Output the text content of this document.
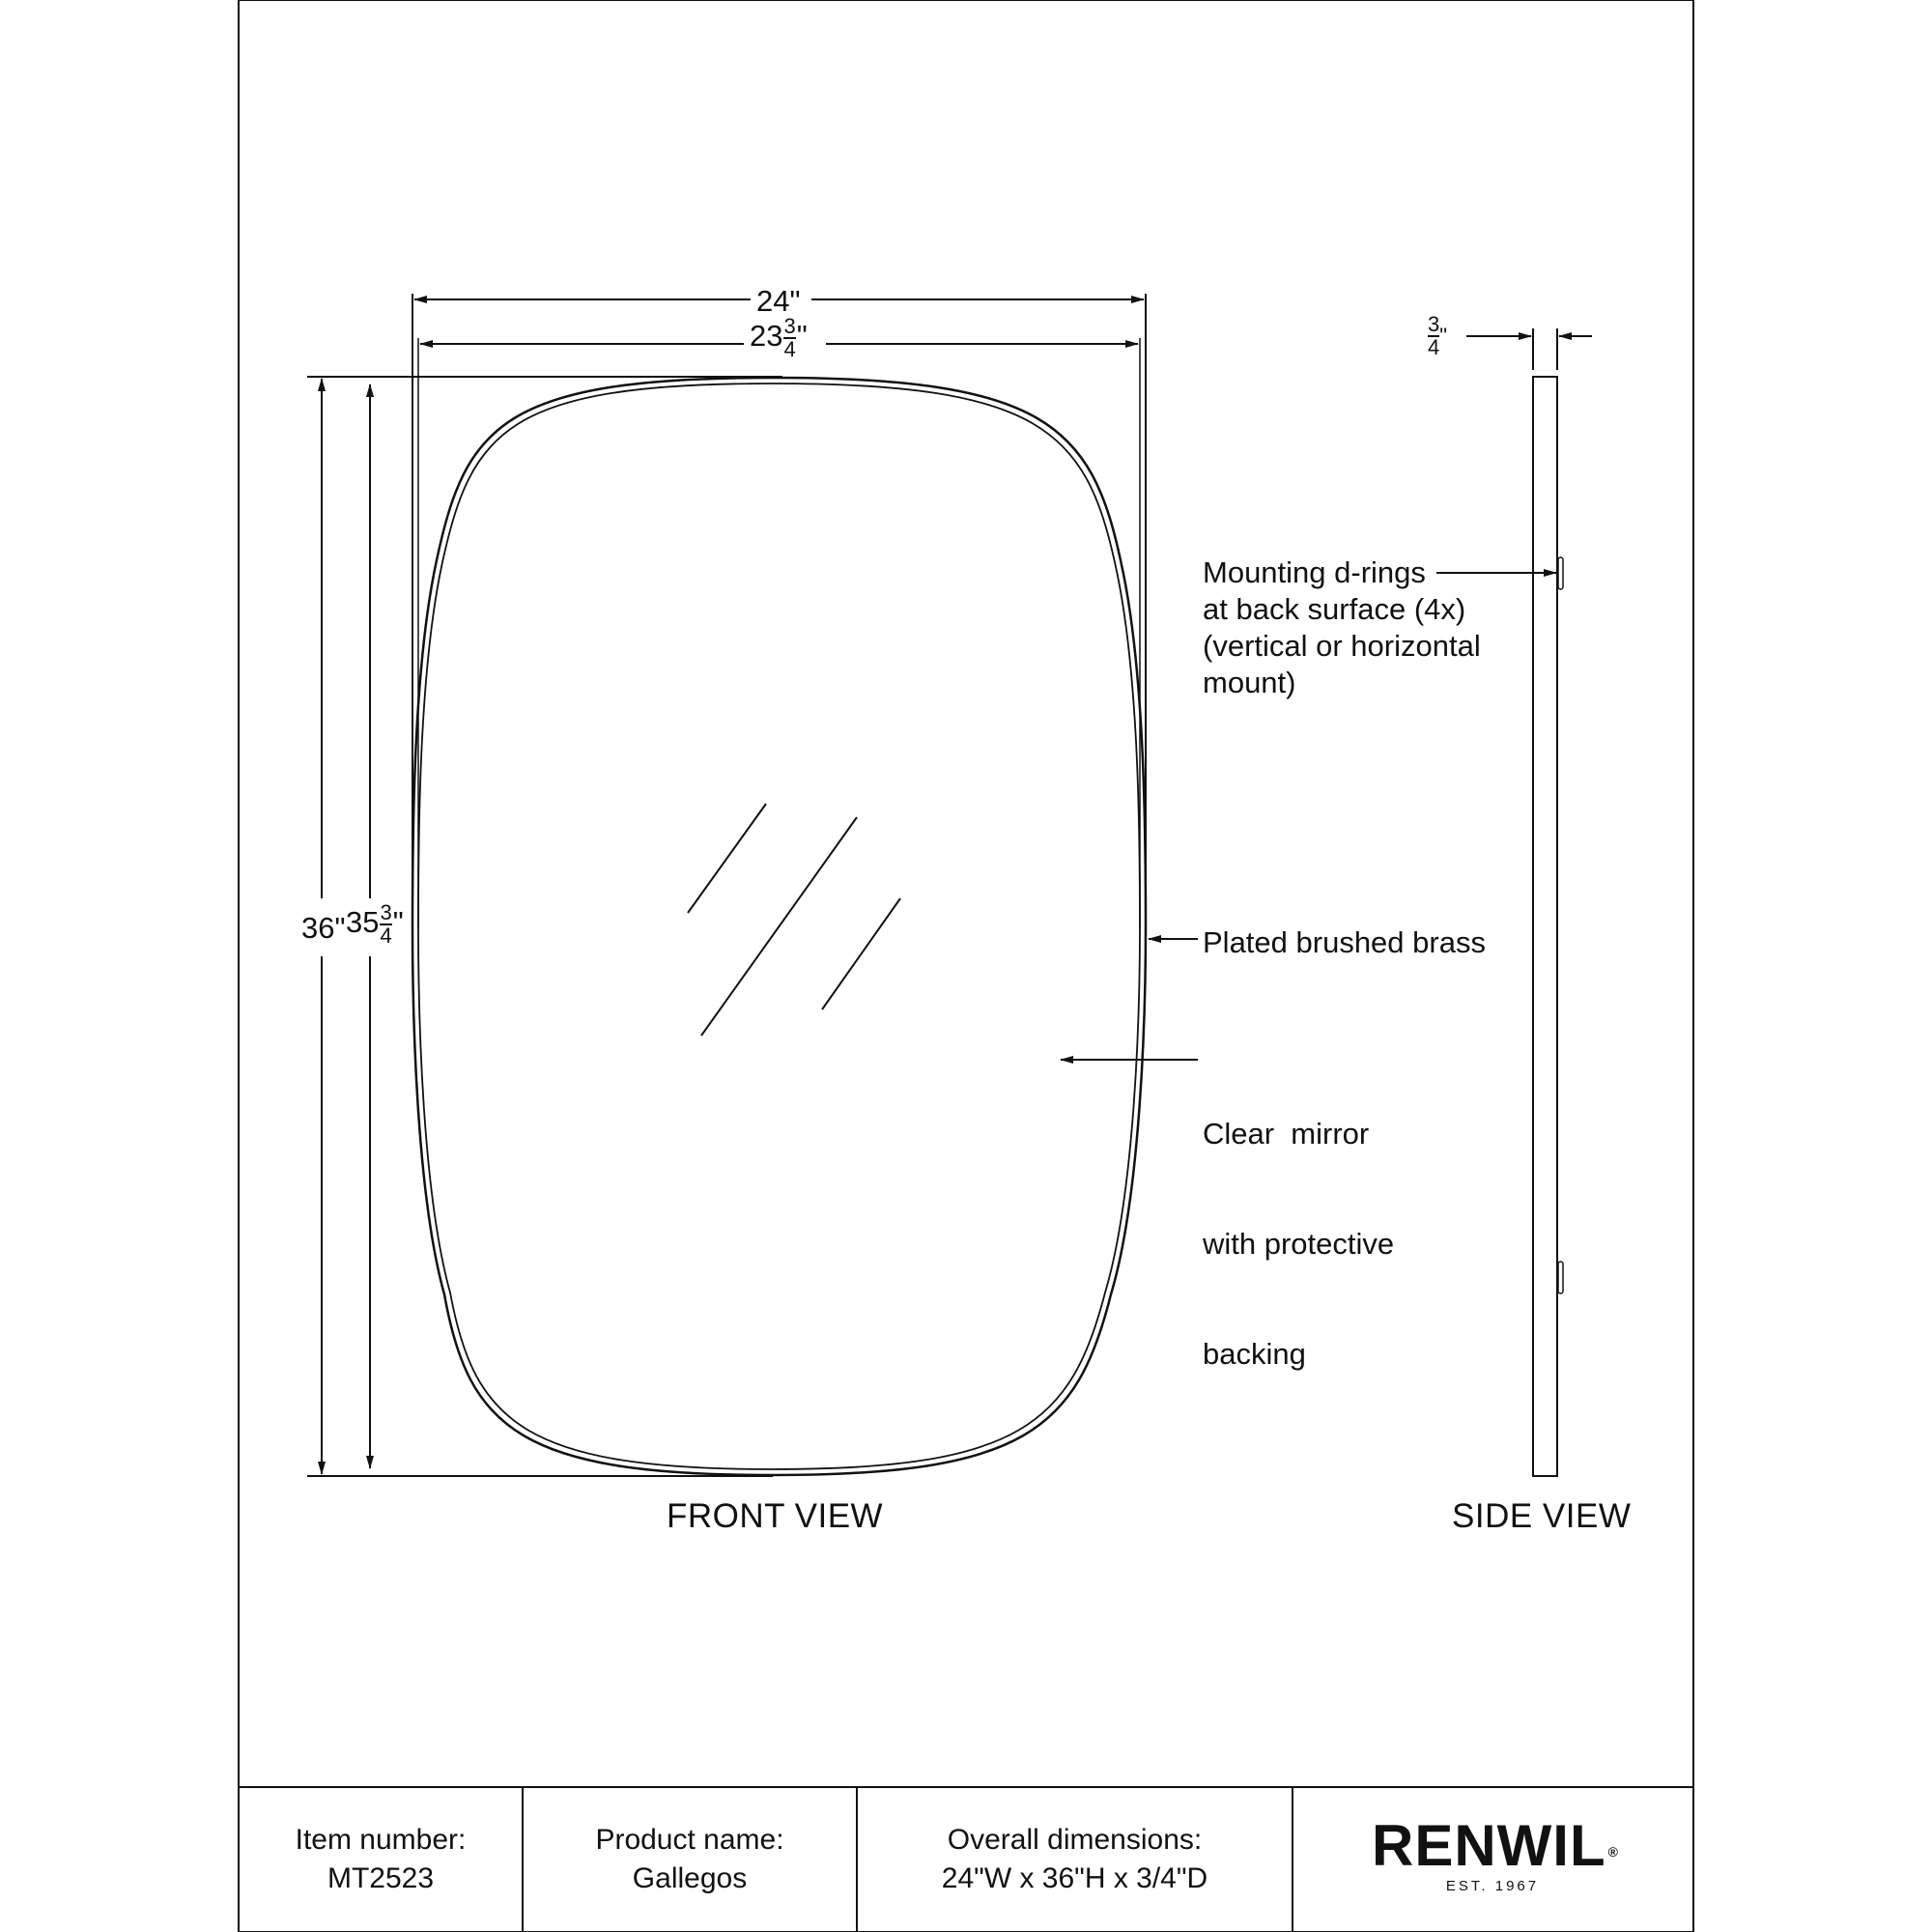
24"
$23 \frac{3}{4}$ "
36" $35 \frac{3}{4}$ "
$\frac{3}{4}$ "
Mounting d-rings
at back surface (4x)
(vertical or horizontal
mount)
Plated brushed brass

Clear  mirror

with protective

backing

FRONT VIEW	SIDE VIEW
Item number:
MT2523
Product name:
Gallegos
Overall dimensions:
24"W x 36"H x 3/4"D
RENWIL ®
EST. 1967
